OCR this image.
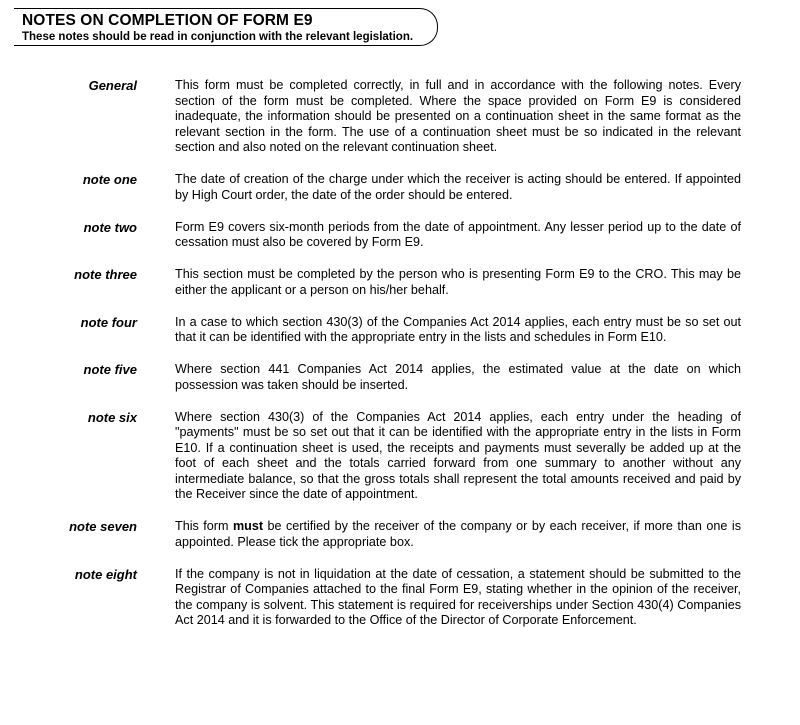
NOTES ON COMPLETION OF FORM E9
These notes should be read in conjunction with the relevant legislation.
General	This form must be completed correctly, in full and in accordance with the following notes. Every section of the form must be completed. Where the space provided on Form E9 is considered inadequate, the information should be presented on a continuation sheet in the same format as the relevant section in the form. The use of a continuation sheet must be so indicated in the relevant section and also noted on the relevant continuation sheet.
note one	The date of creation of the charge under which the receiver is acting should be entered. If appointed by High Court order, the date of the order should be entered.
note two	Form E9 covers six-month periods from the date of appointment. Any lesser period up to the date of cessation must also be covered by Form E9.
note three	This section must be completed by the person who is presenting Form E9 to the CRO. This may be either the applicant or a person on his/her behalf.
note four	In a case to which section 430(3) of the Companies Act 2014 applies, each entry must be so set out that it can be identified with the appropriate entry in the lists and schedules in Form E10.
note five	Where section 441 Companies Act 2014 applies, the estimated value at the date on which possession was taken should be inserted.
note six	Where section 430(3) of the Companies Act 2014 applies, each entry under the heading of "payments" must be so set out that it can be identified with the appropriate entry in the lists in Form E10. If a continuation sheet is used, the receipts and payments must severally be added up at the foot of each sheet and the totals carried forward from one summary to another without any intermediate balance, so that the gross totals shall represent the total amounts received and paid by the Receiver since the date of appointment.
note seven	This form must be certified by the receiver of the company or by each receiver, if more than one is appointed. Please tick the appropriate box.
note eight	If the company is not in liquidation at the date of cessation, a statement should be submitted to the Registrar of Companies attached to the final Form E9, stating whether in the opinion of the receiver, the company is solvent. This statement is required for receiverships under Section 430(4) Companies Act 2014 and it is forwarded to the Office of the Director of Corporate Enforcement.
